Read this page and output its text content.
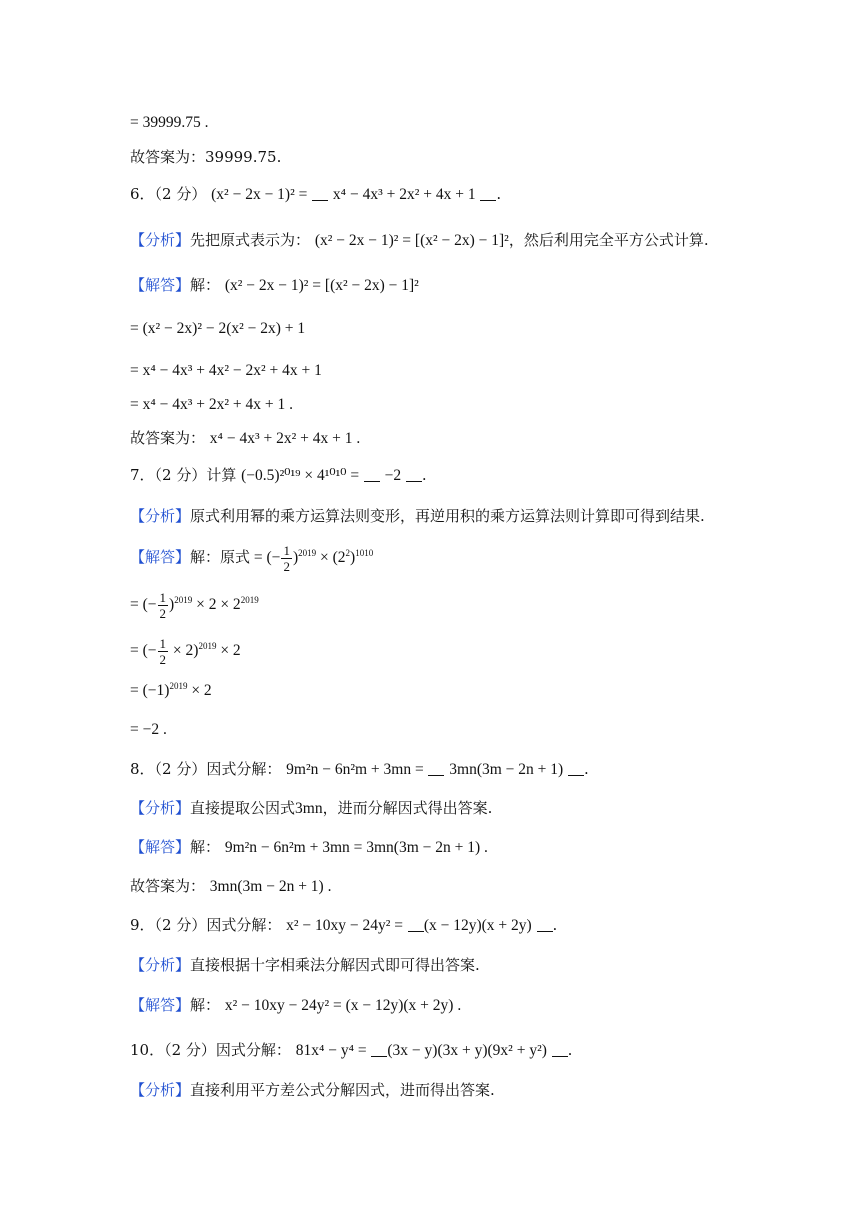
= 39999.75 .
故答案为：39999.75.
6．（2 分） (x² − 2x − 1)² = x⁴ − 4x³ + 2x² + 4x + 1 .
【分析】先把原式表示为： (x² − 2x − 1)² = [(x² − 2x) − 1]²，然后利用完全平方公式计算.
【解答】解： (x² − 2x − 1)² = [(x² − 2x) − 1]²
= (x² − 2x)² − 2(x² − 2x) + 1
= x⁴ − 4x³ + 4x² − 2x² + 4x + 1
= x⁴ − 4x³ + 2x² + 4x + 1 .
故答案为： x⁴ − 4x³ + 2x² + 4x + 1 .
7．（2 分）计算 (−0.5)²⁰¹⁹ × 4¹⁰¹⁰ = −2 .
【分析】原式利用幂的乘方运算法则变形，再逆用积的乘方运算法则计算即可得到结果.
【解答】解：原式 = (− $\frac{1}{2} )^{2019} \times (2^2)^{1010}$
= (− $\frac{1}{2} )^{2019} \times 2 \times 2^{2019}$
= (− $\frac{1}{2} \times 2)^{2019} \times 2$
= $(-1)^{2019} \times 2$
= −2 .
8．（2 分）因式分解： 9m²n − 6n²m + 3mn = 3mn(3m − 2n + 1) .
【分析】直接提取公因式3mn，进而分解因式得出答案.
【解答】解： 9m²n − 6n²m + 3mn = 3mn(3m − 2n + 1) .
故答案为： 3mn(3m − 2n + 1) .
9．（2 分）因式分解： x² − 10xy − 24y² = (x − 12y)(x + 2y) .
【分析】直接根据十字相乘法分解因式即可得出答案.
【解答】解： x² − 10xy − 24y² = (x − 12y)(x + 2y) .
10．（2 分）因式分解： 81x⁴ − y⁴ = (3x − y)(3x + y)(9x² + y²) .
【分析】直接利用平方差公式分解因式，进而得出答案.
